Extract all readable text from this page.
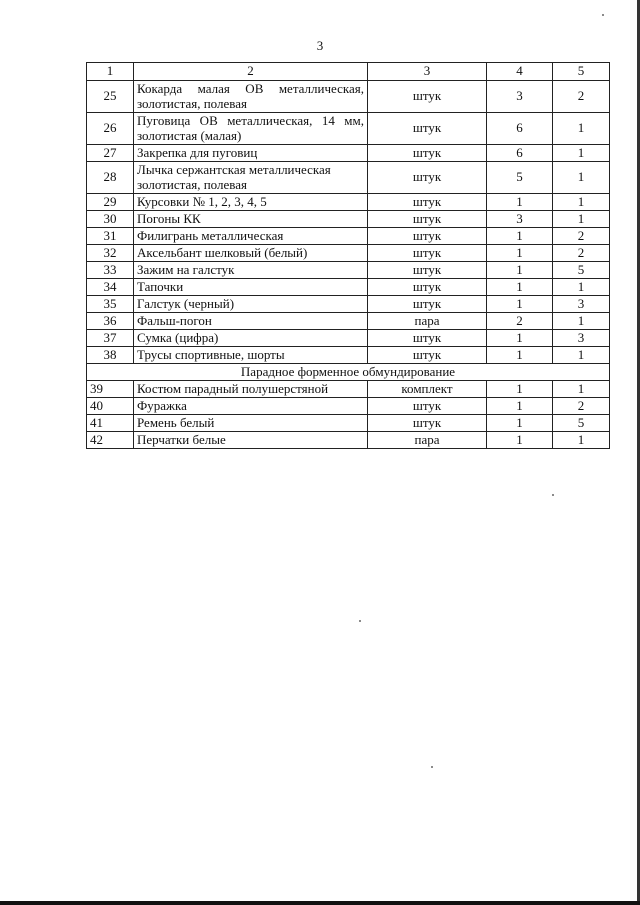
3
1	2	3	4	5
25	Кокарда малая ОВ металлическая, золотистая, полевая	штук	3	2
26	Пуговица ОВ металлическая, 14 мм, золотистая (малая)	штук	6	1
27	Закрепка для пуговиц	штук	6	1
28	Лычка сержантская металлическая золотистая, полевая	штук	5	1
29	Курсовки № 1, 2, 3, 4, 5	штук	1	1
30	Погоны КК	штук	3	1
31	Филигрань металлическая	штук	1	2
32	Аксельбант шелковый (белый)	штук	1	2
33	Зажим на галстук	штук	1	5
34	Тапочки	штук	1	1
35	Галстук (черный)	штук	1	3
36	Фальш-погон	пара	2	1
37	Сумка (цифра)	штук	1	3
38	Трусы спортивные, шорты	штук	1	1
Парадное форменное обмундирование				
39	Костюм парадный полушерстяной	комплект	1	1
40	Фуражка	штук	1	2
41	Ремень белый	штук	1	5
42	Перчатки белые	пара	1	1
